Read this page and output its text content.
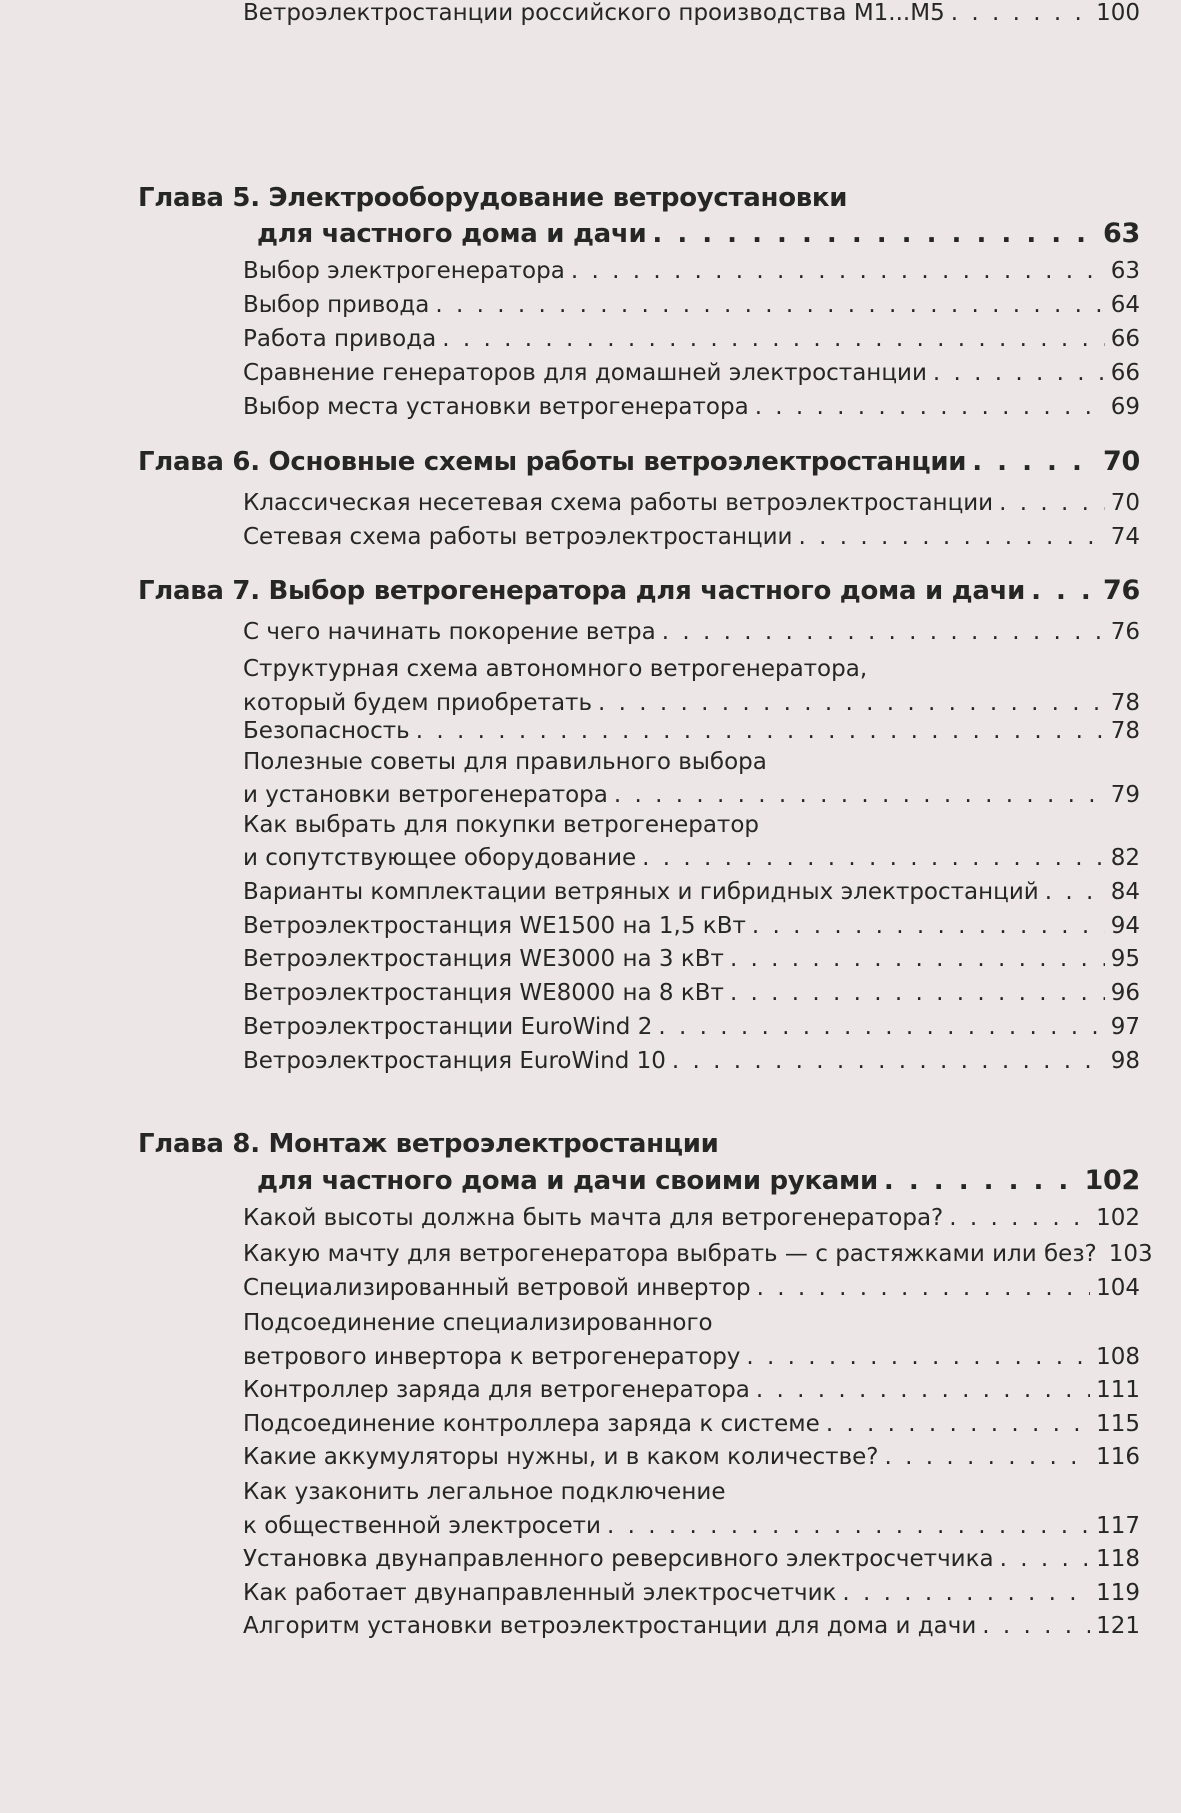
Глава 5. Электрооборудование ветроустановки
для частного дома и дачи . . .	63
Выбор электрогенератора . . .	63
Выбор привода . . .	64
Работа привода . . .	66
Сравнение генераторов для домашней электростанции . . .	66
Выбор места установки ветрогенератора . . .	69
Глава 6. Основные схемы работы ветроэлектростанции . . .	70
Классическая несетевая схема работы ветроэлектростанции . . .	70
Сетевая схема работы ветроэлектростанции . . .	74
Глава 7. Выбор ветрогенератора для частного дома и дачи . . .	76
С чего начинать покорение ветра . . .	76
Структурная схема автономного ветрогенератора,
который будем приобретать . . .	78
Безопасность . . .	78
Полезные советы для правильного выбора
и установки ветрогенератора . . .	79
Как выбрать для покупки ветрогенератор
и сопутствующее оборудование . . .	82
Варианты комплектации ветряных и гибридных электростанций . . .	84
Ветроэлектростанция WE1500 на 1,5 кВт . . .	94
Ветроэлектростанция WE3000 на 3 кВт . . .	95
Ветроэлектростанция WE8000 на 8 кВт . . .	96
Ветроэлектростанции EuroWind 2 . . .	97
Ветроэлектростанция EuroWind 10 . . .	98
Ветроэлектростанции российского производства M1...M5 . . .	100
Глава 8. Монтаж ветроэлектростанции
для частного дома и дачи своими руками . . .	102
Какой высоты должна быть мачта для ветрогенератора? . . .	102
Какую мачту для ветрогенератора выбрать — с растяжками или без? 103
Специализированный ветровой инвертор . . .	104
Подсоединение специализированного
ветрового инвертора к ветрогенератору . . .	108
Контроллер заряда для ветрогенератора . . .	111
Подсоединение контроллера заряда к системе . . .	115
Какие аккумуляторы нужны, и в каком количестве? . . .	116
Как узаконить легальное подключение
к общественной электросети . . .	117
Установка двунаправленного реверсивного электросчетчика . . .	118
Как работает двунаправленный электросчетчик . . .	119
Алгоритм установки ветроэлектростанции для дома и дачи . . .	121
